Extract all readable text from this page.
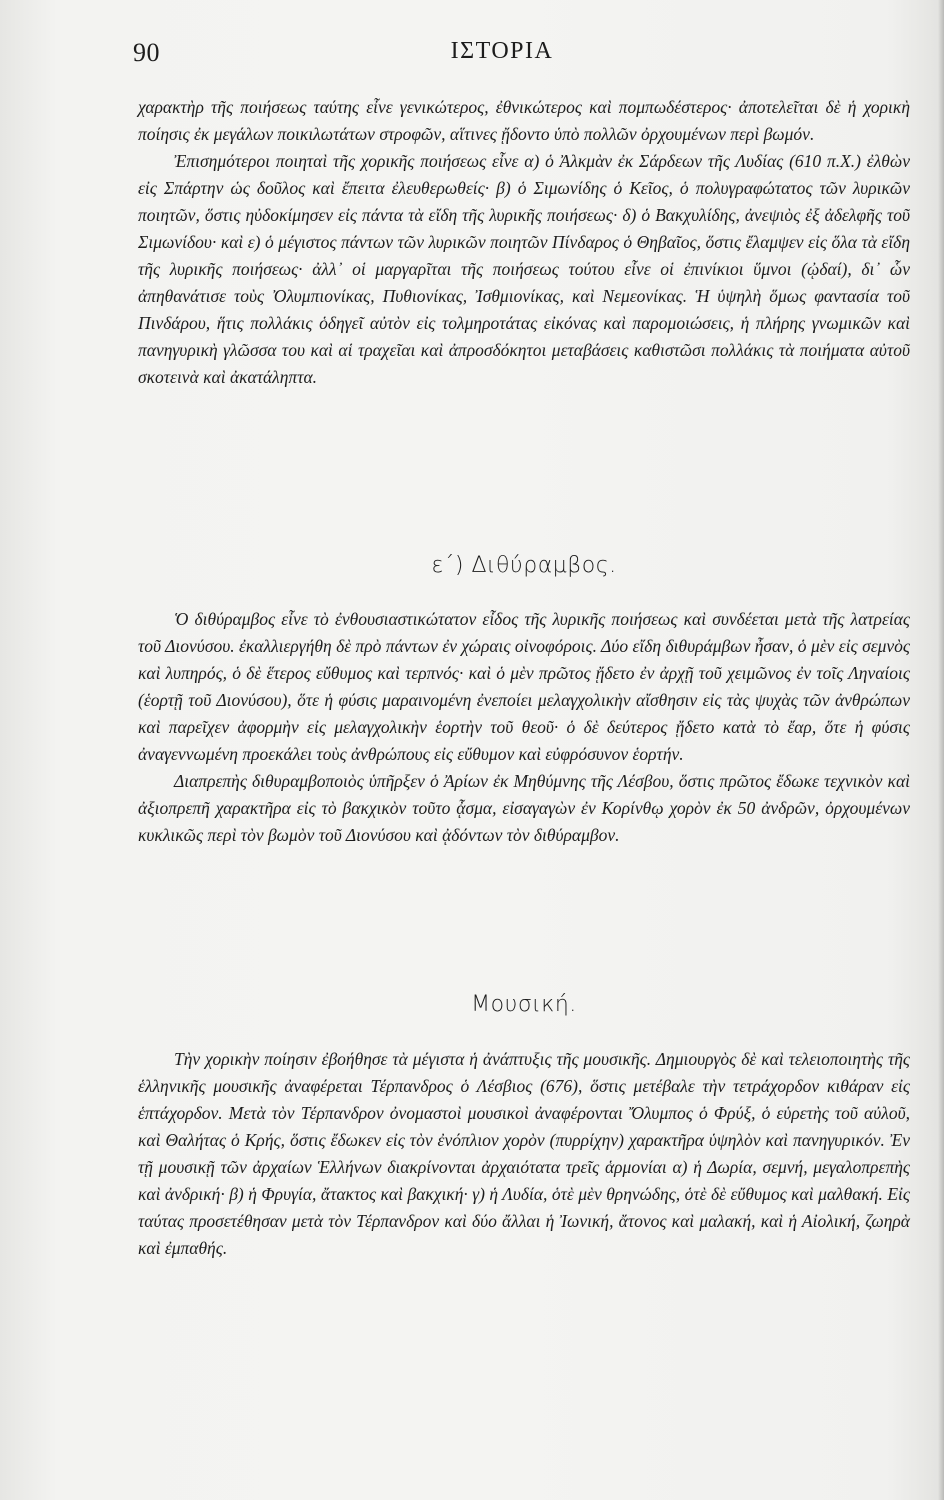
90	ΙΣΤΟΡΙΑ

χαρακτὴρ τῆς ποιήσεως ταύτης εἶνε γενικώτερος, ἐθνικώτερος καὶ πομπωδέστερος· ἀποτελεῖται δὲ ἡ χορικὴ ποίησις ἐκ μεγάλων ποικιλωτάτων στροφῶν, αἵτινες ᾔδοντο ὑπὸ πολλῶν ὀρχουμένων περὶ βωμόν.

Ἐπισημότεροι ποιηταὶ τῆς χορικῆς ποιήσεως εἶνε α) ὁ Ἀλκμὰν ἐκ Σάρδεων τῆς Λυδίας (610 π.Χ.) ἐλθὼν εἰς Σπάρτην ὡς δοῦλος καὶ ἔπειτα ἐλευθερωθείς· β) ὁ Σιμωνίδης ὁ Κεῖος, ὁ πολυγραφώτατος τῶν λυρικῶν ποιητῶν, ὅστις ηὐδοκίμησεν εἰς πάντα τὰ εἴδη τῆς λυρικῆς ποιήσεως· δ) ὁ Βακχυλίδης, ἀνεψιὸς ἐξ ἀδελφῆς τοῦ Σιμωνίδου· καὶ ε) ὁ μέγιστος πάντων τῶν λυρικῶν ποιητῶν Πίνδαρος ὁ Θηβαῖος, ὅστις ἔλαμψεν εἰς ὅλα τὰ εἴδη τῆς λυρικῆς ποιήσεως· ἀλλ᾽ οἱ μαργαρῖται τῆς ποιήσεως τούτου εἶνε οἱ ἐπινίκιοι ὕμνοι (ᾠδαί), δι᾽ ὧν ἀπηθανάτισε τοὺς Ὀλυμπιονίκας, Πυθιονίκας, Ἰσθμιονίκας, καὶ Νεμεονίκας. Ἡ ὑψηλὴ ὅμως φαντασία τοῦ Πινδάρου, ἥτις πολλάκις ὁδηγεῖ αὐτὸν εἰς τολμηροτάτας εἰκόνας καὶ παρομοιώσεις, ἡ πλήρης γνωμικῶν καὶ πανηγυρικὴ γλῶσσα του καὶ αἱ τραχεῖαι καὶ ἀπροσδόκητοι μεταβάσεις καθιστῶσι πολλάκις τὰ ποιήματα αὐτοῦ σκοτεινὰ καὶ ἀκατάληπτα.

ε΄) Διθύραμβος.

Ὁ διθύραμβος εἶνε τὸ ἐνθουσιαστικώτατον εἶδος τῆς λυρικῆς ποιήσεως καὶ συνδέεται μετὰ τῆς λατρείας τοῦ Διονύσου. ἐκαλλιεργήθη δὲ πρὸ πάντων ἐν χώραις οἰνοφόροις. Δύο εἴδη διθυράμβων ἦσαν, ὁ μὲν εἰς σεμνὸς καὶ λυπηρός, ὁ δὲ ἕτερος εὔθυμος καὶ τερπνός· καὶ ὁ μὲν πρῶτος ᾔδετο ἐν ἀρχῇ τοῦ χειμῶνος ἐν τοῖς Ληναίοις (ἑορτῇ τοῦ Διονύσου), ὅτε ἡ φύσις μαραινομένη ἐνεποίει μελαγχολικὴν αἴσθησιν εἰς τὰς ψυχὰς τῶν ἀνθρώπων καὶ παρεῖχεν ἀφορμὴν εἰς μελαγχολικὴν ἑορτὴν τοῦ θεοῦ· ὁ δὲ δεύτερος ᾔδετο κατὰ τὸ ἔαρ, ὅτε ἡ φύσις ἀναγεννωμένη προεκάλει τοὺς ἀνθρώπους εἰς εὔθυμον καὶ εὐφρόσυνον ἑορτήν.

Διαπρεπὴς διθυραμβοποιὸς ὑπῆρξεν ὁ Ἀρίων ἐκ Μηθύμνης τῆς Λέσβου, ὅστις πρῶτος ἔδωκε τεχνικὸν καὶ ἀξιοπρεπῆ χαρακτῆρα εἰς τὸ βακχικὸν τοῦτο ᾆσμα, εἰσαγαγὼν ἐν Κορίνθῳ χορὸν ἐκ 50 ἀνδρῶν, ὀρχουμένων κυκλικῶς περὶ τὸν βωμὸν τοῦ Διονύσου καὶ ᾀδόντων τὸν διθύραμβον.

Μουσική.

Τὴν χορικὴν ποίησιν ἐβοήθησε τὰ μέγιστα ἡ ἀνάπτυξις τῆς μουσικῆς. Δημιουργὸς δὲ καὶ τελειοποιητὴς τῆς ἑλληνικῆς μουσικῆς ἀναφέρεται Τέρπανδρος ὁ Λέσβιος (676), ὅστις μετέβαλε τὴν τετράχορδον κιθάραν εἰς ἑπτάχορδον. Μετὰ τὸν Τέρπανδρον ὀνομαστοὶ μουσικοὶ ἀναφέρονται Ὄλυμπος ὁ Φρύξ, ὁ εὑρετὴς τοῦ αὐλοῦ, καὶ Θαλήτας ὁ Κρής, ὅστις ἔδωκεν εἰς τὸν ἐνόπλιον χορὸν (πυρρίχην) χαρακτῆρα ὑψηλὸν καὶ πανηγυρικόν. Ἐν τῇ μουσικῇ τῶν ἀρχαίων Ἑλλήνων διακρίνονται ἀρχαιότατα τρεῖς ἁρμονίαι α) ἡ Δωρία, σεμνή, μεγαλοπρεπὴς καὶ ἀνδρική· β) ἡ Φρυγία, ἄτακτος καὶ βακχική· γ) ἡ Λυδία, ὁτὲ μὲν θρηνώδης, ὁτὲ δὲ εὔθυμος καὶ μαλθακή. Εἰς ταύτας προσετέθησαν μετὰ τὸν Τέρπανδρον καὶ δύο ἄλλαι ἡ Ἰωνική, ἄτονος καὶ μαλακή, καὶ ἡ Αἰολική, ζωηρὰ καὶ ἐμπαθής.
